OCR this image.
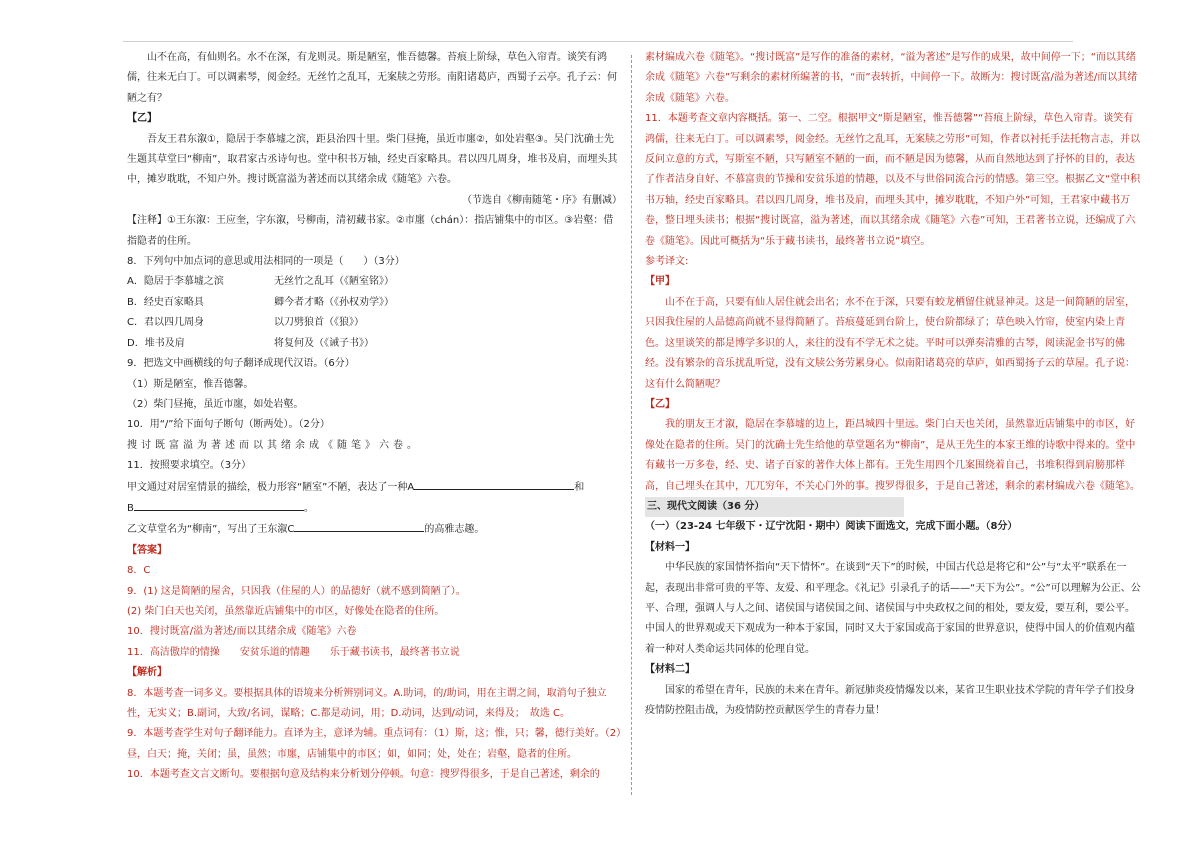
山不在高，有仙则名。水不在深，有龙则灵。斯是陋室，惟吾德馨。苔痕上阶绿，草色入帘青。谈笑有鸿儒，往来无白丁。可以调素琴，阅金经。无丝竹之乱耳，无案牍之劳形。南阳诸葛庐，西蜀子云亭。孔子云：何陋之有？

【乙】

吾友王君东溆①，隐居于李慕墟之滨，距县治四十里。柴门昼掩，虽近市廛②，如处岩壑③。吴门沈确士先生题其草堂曰“柳南”，取君家古丞诗句也。堂中积书万轴，经史百家略具。君以四几周身，堆书及肩，而埋头其中，摊岁耽耽，不知户外。搜讨既富溢为著述而以其绪余成《随笔》六卷。

（节选自《柳南随笔・序》有删减）

【注释】①王东溆：王应奎，字东溆，号柳南，清初藏书家。②市廛（chán）：指店铺集中的市区。③岩壑：借指隐者的住所。

8．下列句中加点词的意思或用法相同的一项是（　　）（3分）

A．隐居于李慕墟之滨	无丝竹之乱耳（《陋室铭》）
B．经史百家略具	卿今者才略（《孙权劝学》）
C．君以四几周身	以刀劈狼首（《狼》）
D．堆书及肩	将复何及（《诫子书》）

9．把选文中画横线的句子翻译成现代汉语。（6分）

（1）斯是陋室，惟吾德馨。

（2）柴门昼掩，虽近市廛，如处岩壑。

10．用“/”给下面句子断句（断两处）。（2分）

搜讨既富溢为著述而以其绪余成《随笔》六卷。

11．按照要求填空。（3分）

甲文通过对居室情景的描绘，极力形容“陋室”不陋，表达了一种A	和

B	。

乙文草堂名为“柳南”，写出了王东溆C	的高雅志趣。

【答案】

8．C

9．(1) 这是简陋的屋舍，只因我（住屋的人）的品德好（就不感到简陋了）。

(2) 柴门白天也关闭，虽然靠近店铺集中的市区，好像处在隐者的住所。

10．搜讨既富/溢为著述/而以其绪余成《随笔》六卷

11．高洁傲岸的情操　　安贫乐道的情趣　　乐于藏书读书，最终著书立说

【解析】

8．本题考查一词多义。要根据具体的语境来分析辨别词义。A.助词，的/助词，用在主谓之间，取消句子独立性，无实义；B.副词，大致/名词，谋略；C.都是动词，用；D.动词，达到/动词，来得及；　故选 C。

9．本题考查学生对句子翻译能力。直译为主，意译为辅。重点词有：（1）斯，这；惟，只；馨，德行美好。（2）昼，白天；掩，关闭；虽，虽然；市廛，店铺集中的市区；如，如同；处，处在；岩壑，隐者的住所。

10．本题考查文言文断句。要根据句意及结构来分析划分停顿。句意：搜罗得很多，于是自己著述，剩余的

素材编成六卷《随笔》。“搜讨既富”是写作的准备的素材，“溢为著述”是写作的成果，故中间停一下；“而以其绪余成《随笔》六卷”写剩余的素材所编著的书，“而”表转折，中间停一下。故断为：搜讨既富/溢为著述/而以其绪余成《随笔》六卷。

11．本题考查文章内容概括。第一、二空。根据甲文“斯是陋室，惟吾德馨”“苔痕上阶绿，草色入帘青。谈笑有鸿儒，往来无白丁。可以调素琴，阅金经。无丝竹之乱耳，无案牍之劳形”可知，作者以衬托手法托物言志，并以反问立意的方式，写斯室不陋，只写陋室不陋的一面，而不陋是因为德馨，从而自然地达到了抒怀的目的，表达了作者洁身自好、不慕富贵的节操和安贫乐道的情趣，以及不与世俗同流合污的情感。第三空。根据乙文“堂中积书万轴，经史百家略具。君以四几周身，堆书及肩，而埋头其中，摊岁耽耽，不知户外”可知，王君家中藏书万卷，整日埋头读书；根据“搜讨既富，溢为著述，而以其绪余成《随笔》六卷”可知，王君著书立说，还编成了六卷《随笔》。因此可概括为“乐于藏书读书，最终著书立说”填空。

参考译文:

【甲】

山不在于高，只要有仙人居住就会出名；水不在于深，只要有蛟龙栖留住就显神灵。这是一间简陋的居室，只因我住屋的人品德高尚就不显得简陋了。苔痕蔓延到台阶上，使台阶都绿了；草色映入竹帘，使室内染上青色。这里谈笑的都是博学多识的人，来往的没有不学无术之徒。平时可以弹奏清雅的古琴，阅读泥金书写的佛经。没有繁杂的音乐扰乱听觉，没有文牍公务劳累身心。似南阳诸葛亮的草庐，如西蜀扬子云的草屋。孔子说：这有什么简陋呢？

【乙】

我的朋友王才溆，隐居在李慕墟的边上，距昌城四十里远。柴门白天也关闭，虽然靠近店铺集中的市区，好像处在隐者的住所。吴门的沈确士先生给他的草堂题名为“柳南”，是从王先生的本家王维的诗歌中得来的。堂中有藏书一万多卷，经、史、诸子百家的著作大体上都有。王先生用四个几案围绕着自己，书堆积得到肩膀那样高，自己埋头在其中，兀兀穷年，不关心门外的事。搜罗得很多，于是自己著述，剩余的素材编成六卷《随笔》。

三、现代文阅读（36 分）

（一）（23-24 七年级下・辽宁沈阳・期中）阅读下面选文，完成下面小题。（8分）

【材料一】

中华民族的家国情怀指向“天下情怀”。在谈到“天下”的时候，中国古代总是将它和“公”与“太平”联系在一起，表现出非常可贵的平等、友爱、和平理念。《礼记》引录孔子的话——“天下为公”。“公”可以理解为公正、公平、合理，强调人与人之间、诸侯国与诸侯国之间、诸侯国与中央政权之间的相处，要友爱，要互利，要公平。中国人的世界观或天下观成为一种本于家国，同时又大于家国或高于家国的世界意识，使得中国人的价值观内蕴着一种对人类命运共同体的伦理自觉。

【材料二】

国家的希望在青年，民族的未来在青年。新冠肺炎疫情爆发以来，某省卫生职业技术学院的青年学子们投身疫情防控阻击战，为疫情防控贡献医学生的青春力量！
